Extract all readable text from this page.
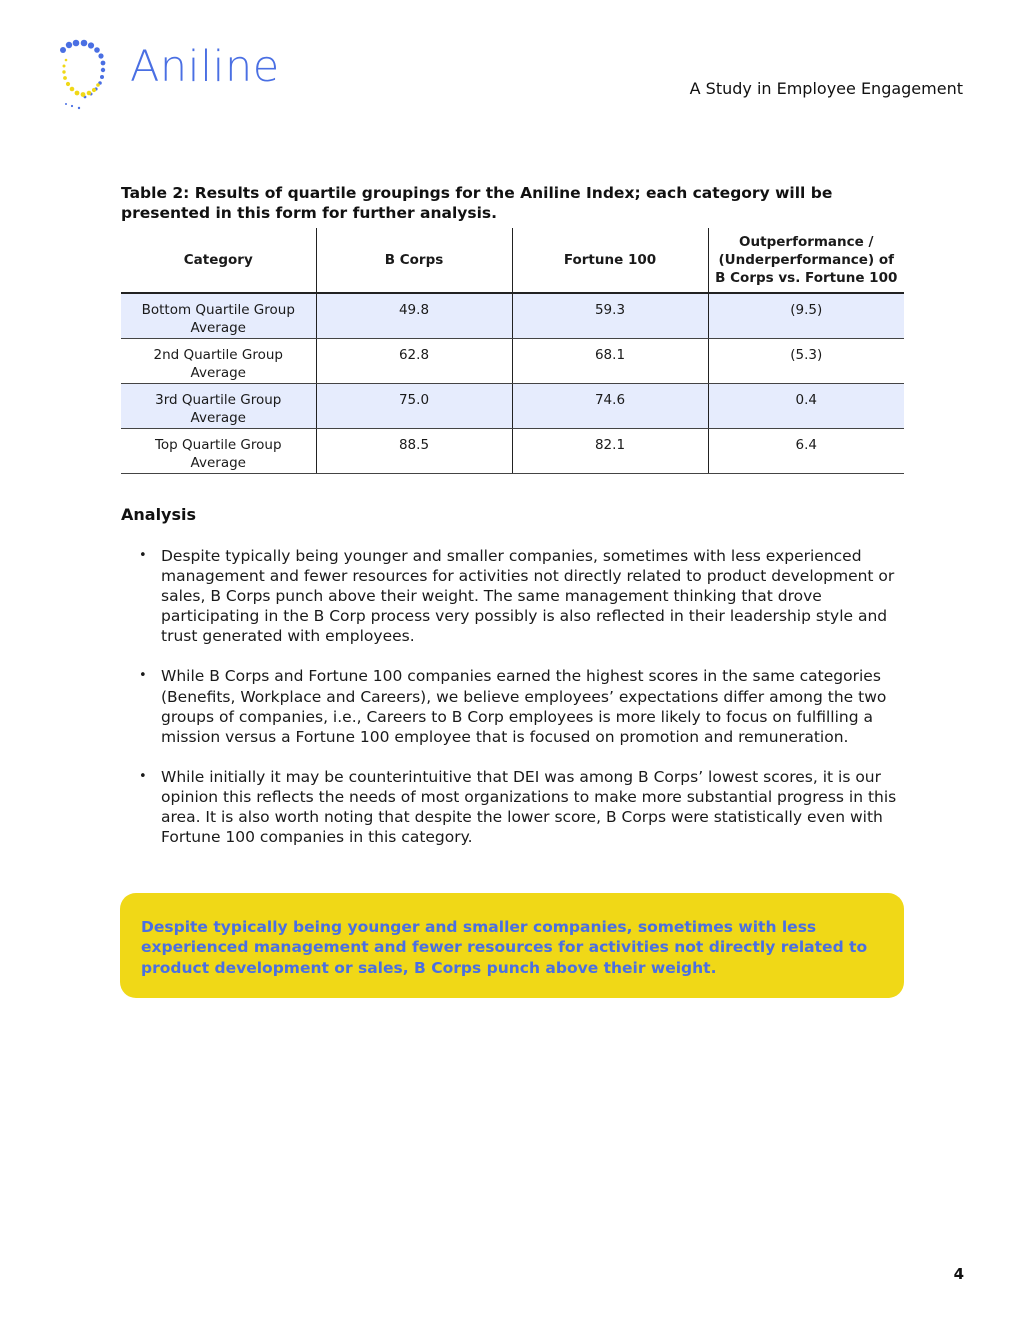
Aniline	A Study in Employee Engagement
Table 2: Results of quartile groupings for the Aniline Index; each category will be presented in this form for further analysis.
Category	B Corps	Fortune 100	Outperformance / (Underperformance) of B Corps vs. Fortune 100
Bottom Quartile Group Average	49.8	59.3	(9.5)
2nd Quartile Group Average	62.8	68.1	(5.3)
3rd Quartile Group Average	75.0	74.6	0.4
Top Quartile Group Average	88.5	82.1	6.4
Analysis
• Despite typically being younger and smaller companies, sometimes with less experienced management and fewer resources for activities not directly related to product development or sales, B Corps punch above their weight. The same management thinking that drove participating in the B Corp process very possibly is also reflected in their leadership style and trust generated with employees.
• While B Corps and Fortune 100 companies earned the highest scores in the same categories (Benefits, Workplace and Careers), we believe employees’ expectations differ among the two groups of companies, i.e., Careers to B Corp employees is more likely to focus on fulfilling a mission versus a Fortune 100 employee that is focused on promotion and remuneration.
• While initially it may be counterintuitive that DEI was among B Corps’ lowest scores, it is our opinion this reflects the needs of most organizations to make more substantial progress in this area. It is also worth noting that despite the lower score, B Corps were statistically even with Fortune 100 companies in this category.
Despite typically being younger and smaller companies, sometimes with less experienced management and fewer resources for activities not directly related to product development or sales, B Corps punch above their weight.
4
